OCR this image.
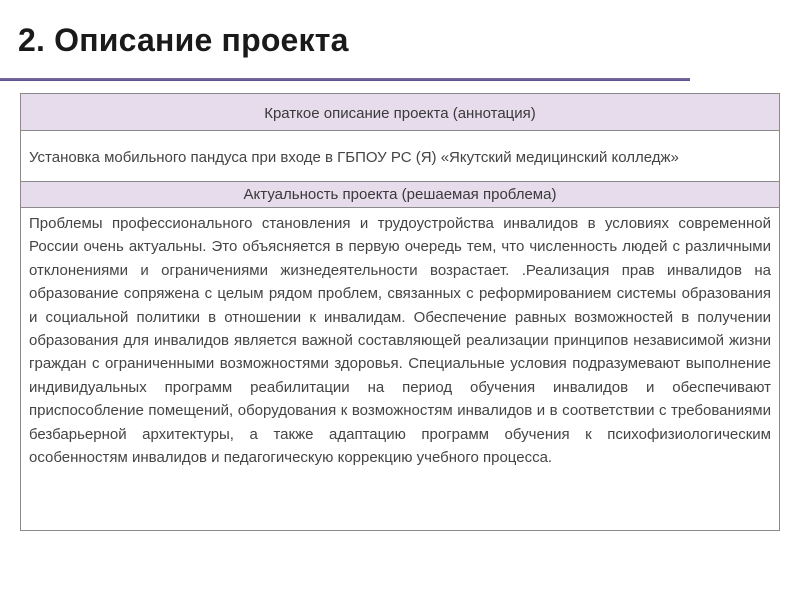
2. Описание проекта
Краткое описание проекта (аннотация)
Установка мобильного пандуса при входе в ГБПОУ РС (Я) «Якутский медицинский колледж»
Актуальность проекта (решаемая проблема)
Проблемы профессионального становления и трудоустройства инвалидов в условиях современной России очень актуальны. Это объясняется в первую очередь тем, что численность людей с различными отклонениями и ограничениями жизнедеятельности возрастает. .Реализация прав инвалидов на образование сопряжена с целым рядом проблем, связанных с реформированием системы образования и социальной политики в отношении к инвалидам. Обеспечение равных возможностей в получении образования для инвалидов является важной составляющей реализации принципов независимой жизни граждан с ограниченными возможностями здоровья. Специальные условия подразумевают выполнение индивидуальных программ реабилитации на период обучения инвалидов и обеспечивают приспособление помещений, оборудования к возможностям инвалидов и в соответствии с требованиями безбарьерной архитектуры, а также адаптацию программ обучения к психофизиологическим особенностям инвалидов и педагогическую коррекцию учебного процесса.
